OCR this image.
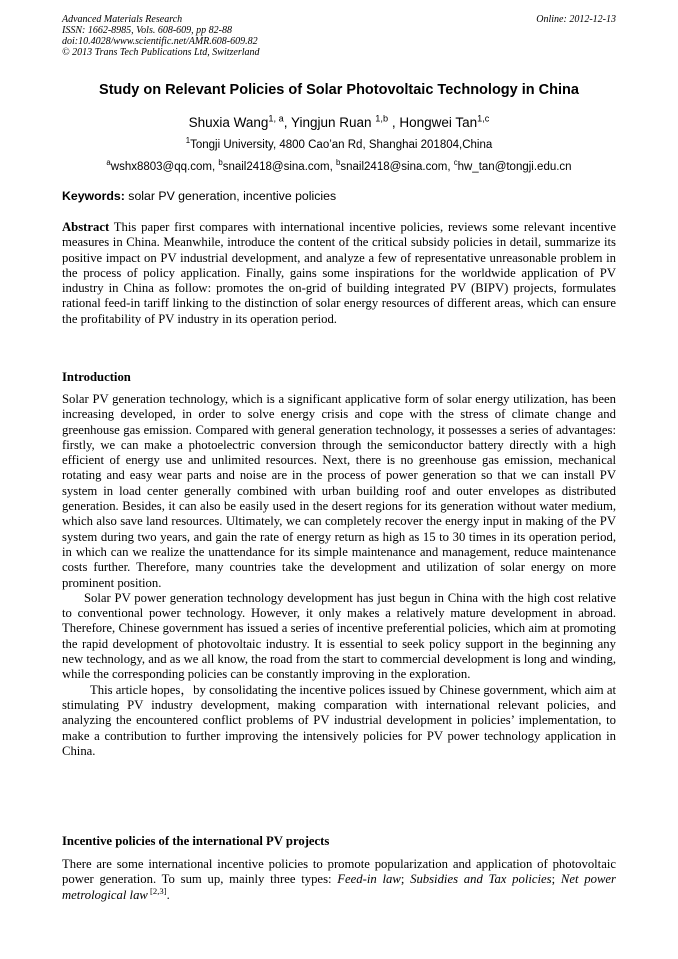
Advanced Materials Research
ISSN: 1662-8985, Vols. 608-609, pp 82-88
doi:10.4028/www.scientific.net/AMR.608-609.82
© 2013 Trans Tech Publications Ltd, Switzerland
Online: 2012-12-13
Study on Relevant Policies of Solar Photovoltaic Technology in China
Shuxia Wang$^{1, a}$, Yingjun Ruan $^{1,b}$ , Hongwei Tan$^{1,c}$
$^1$Tongji University, 4800 Cao’an Rd, Shanghai 201804,China
$^a$wshx8803@qq.com, $^b$snail2418@sina.com, $^b$snail2418@sina.com, $^c$hw_tan@tongji.edu.cn
Keywords: solar PV generation, incentive policies

Abstract This paper first compares with international incentive policies, reviews some relevant incentive measures in China. Meanwhile, introduce the content of the critical subsidy policies in detail, summarize its positive impact on PV industrial development, and analyze a few of representative unreasonable problem in the process of policy application. Finally, gains some inspirations for the worldwide application of PV industry in China as follow: promotes the on-grid of building integrated PV (BIPV) projects, formulates rational feed-in tariff linking to the distinction of solar energy resources of different areas, which can ensure the profitability of PV industry in its operation period.

Introduction

Solar PV generation technology, which is a significant applicative form of solar energy utilization, has been increasing developed, in order to solve energy crisis and cope with the stress of climate change and greenhouse gas emission. Compared with general generation technology, it possesses a series of advantages: firstly, we can make a photoelectric conversion through the semiconductor battery directly with a high efficient of energy use and unlimited resources. Next, there is no greenhouse gas emission, mechanical rotating and easy wear parts and noise are in the process of power generation so that we can install PV system in load center generally combined with urban building roof and outer envelopes as distributed generation. Besides, it can also be easily used in the desert regions for its generation without water medium, which also save land resources. Ultimately, we can completely recover the energy input in making of the PV system during two years, and gain the rate of energy return as high as 15 to 30 times in its operation period, in which can we realize the unattendance for its simple maintenance and management, reduce maintenance costs further. Therefore, many countries take the development and utilization of solar energy on more prominent position.

Solar PV power generation technology development has just begun in China with the high cost relative to conventional power technology. However, it only makes a relatively mature development in abroad. Therefore, Chinese government has issued a series of incentive preferential policies, which aim at promoting the rapid development of photovoltaic industry. It is essential to seek policy support in the beginning any new technology, and as we all know, the road from the start to commercial development is long and winding, while the corresponding policies can be constantly improving in the exploration.

This article hopes，by consolidating the incentive polices issued by Chinese government, which aim at stimulating PV industry development, making comparation with international relevant policies, and analyzing the encountered conflict problems of PV industrial development in policies’ implementation, to make a contribution to further improving the intensively policies for PV power technology application in China.

Incentive policies of the international PV projects

There are some international incentive policies to promote popularization and application of photovoltaic power generation. To sum up, mainly three types: Feed-in law; Subsidies and Tax policies; Net power metrological law [2,3].
